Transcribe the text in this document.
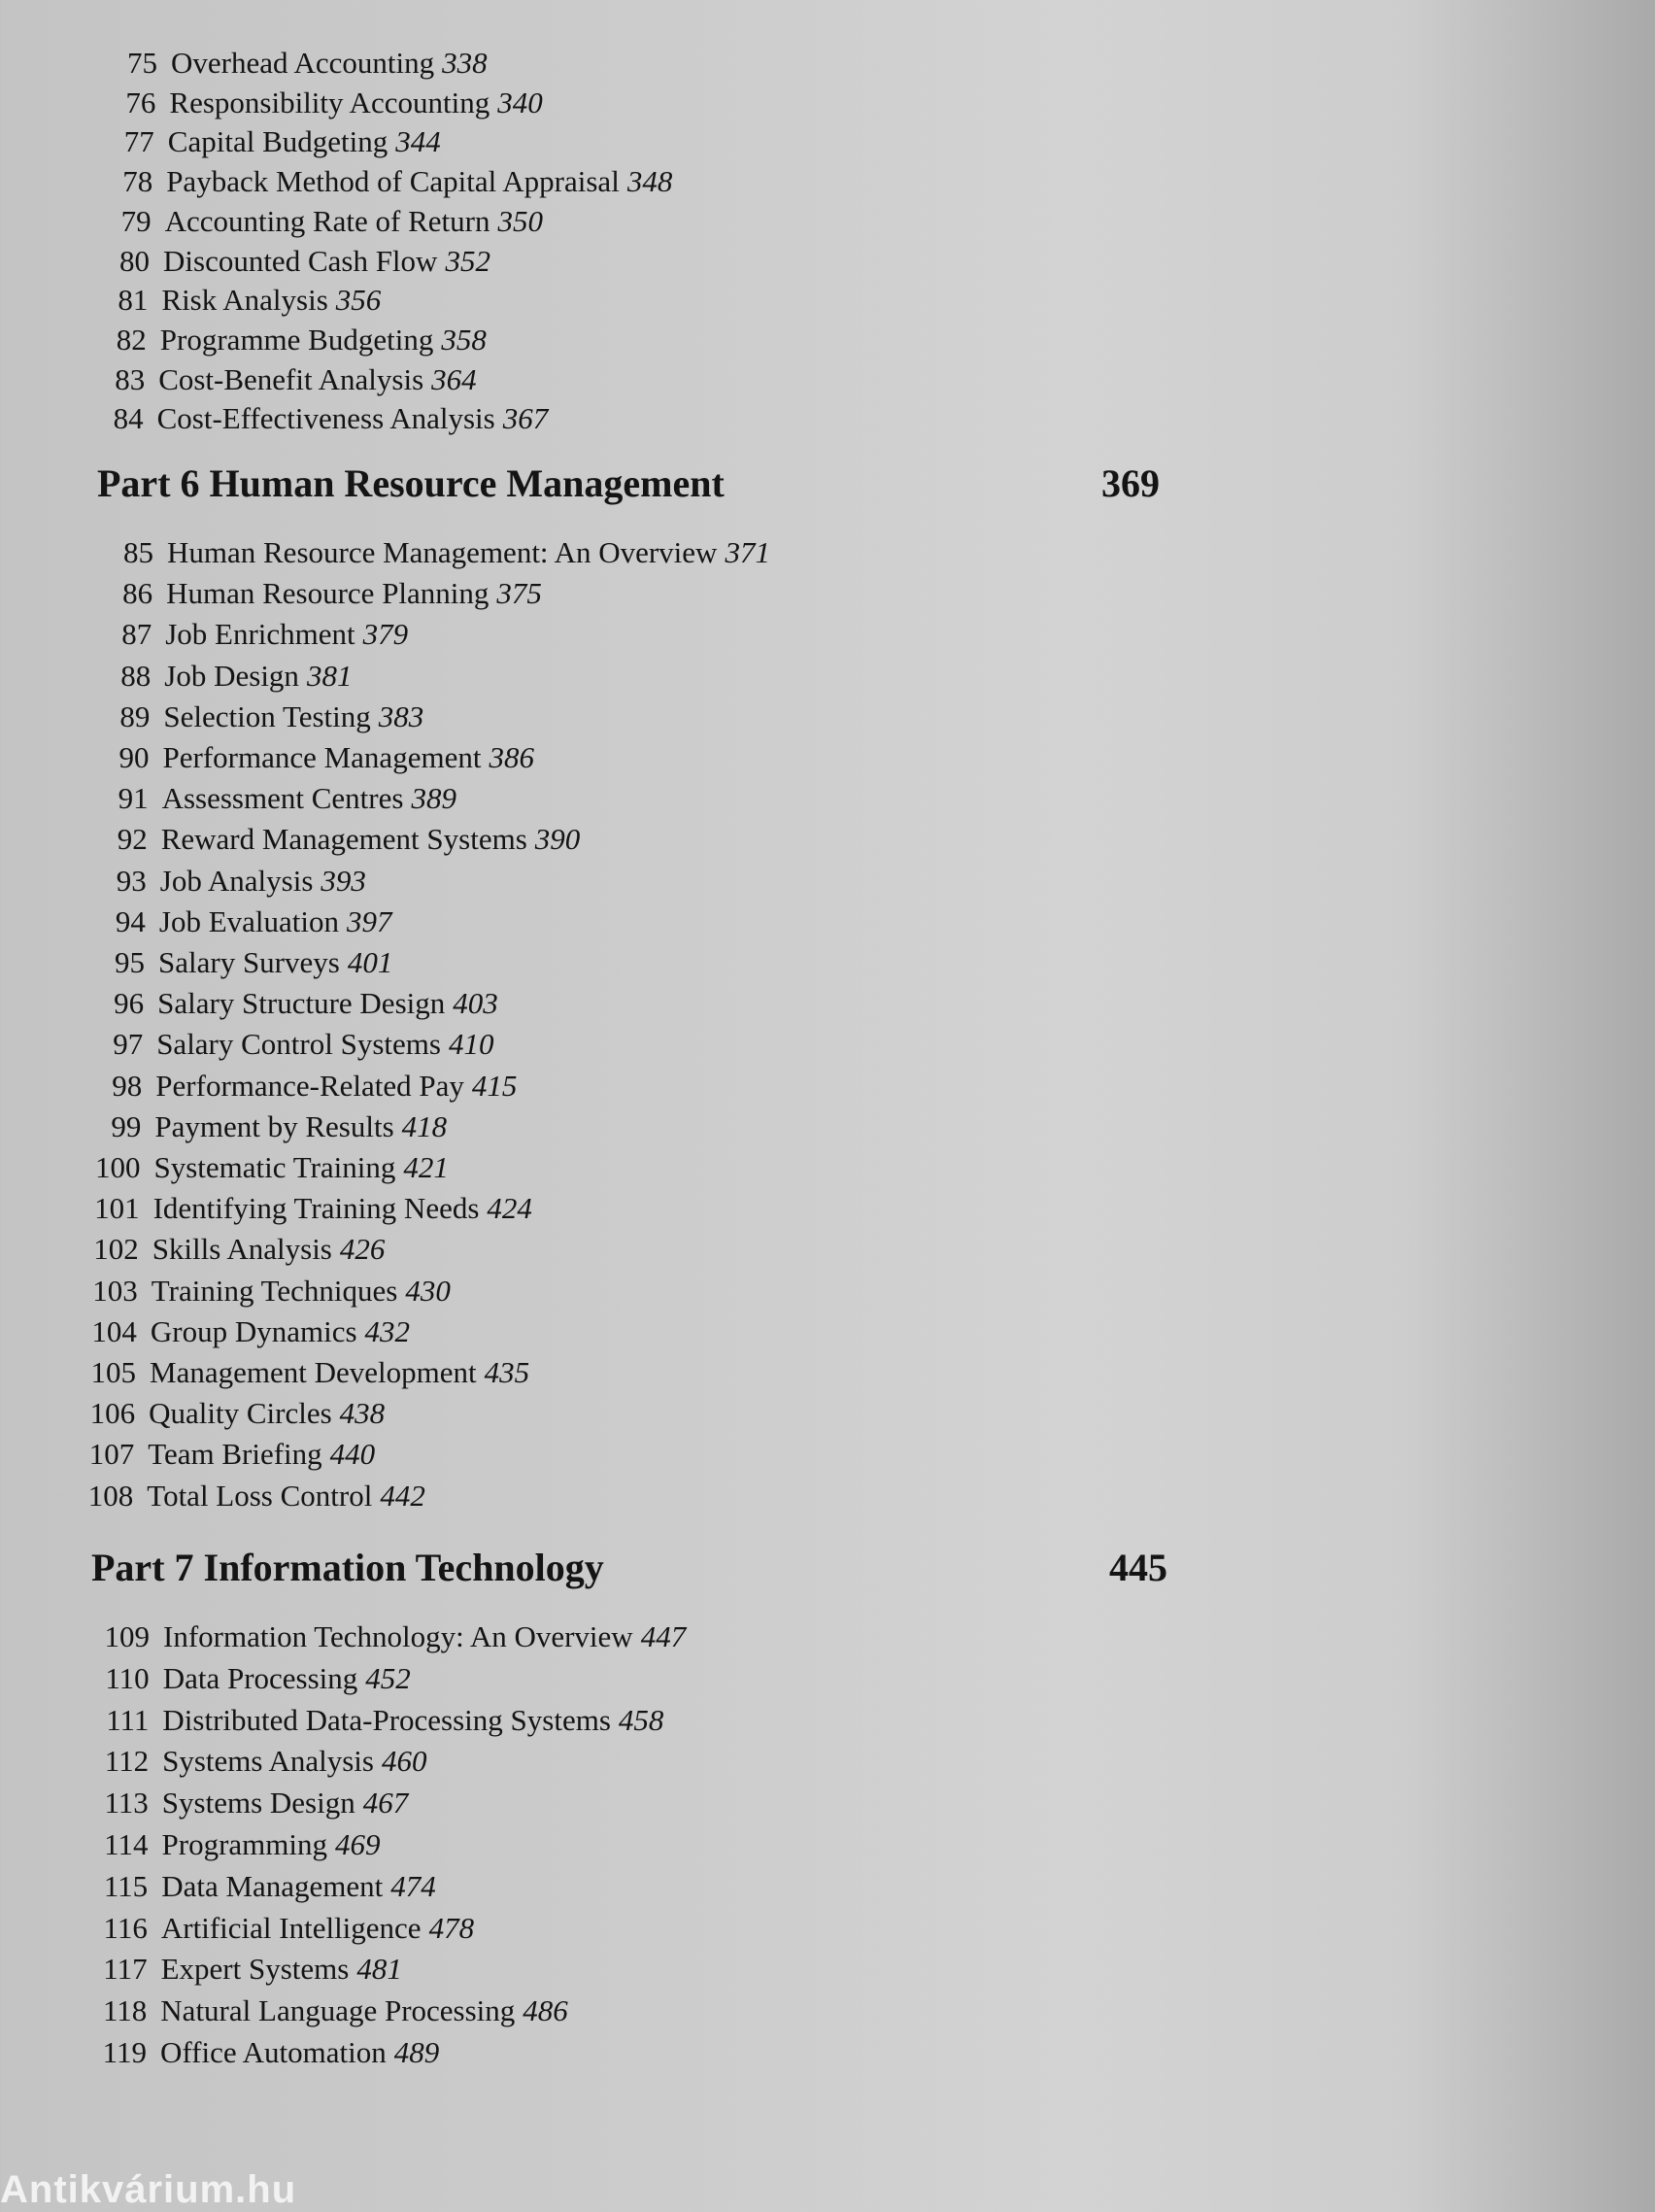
75 Overhead Accounting 338
76 Responsibility Accounting 340
77 Capital Budgeting 344
78 Payback Method of Capital Appraisal 348
79 Accounting Rate of Return 350
80 Discounted Cash Flow 352
81 Risk Analysis 356
82 Programme Budgeting 358
83 Cost-Benefit Analysis 364
84 Cost-Effectiveness Analysis 367
Part 6 Human Resource Management	369
85 Human Resource Management: An Overview 371
86 Human Resource Planning 375
87 Job Enrichment 379
88 Job Design 381
89 Selection Testing 383
90 Performance Management 386
91 Assessment Centres 389
92 Reward Management Systems 390
93 Job Analysis 393
94 Job Evaluation 397
95 Salary Surveys 401
96 Salary Structure Design 403
97 Salary Control Systems 410
98 Performance-Related Pay 415
99 Payment by Results 418
100 Systematic Training 421
101 Identifying Training Needs 424
102 Skills Analysis 426
103 Training Techniques 430
104 Group Dynamics 432
105 Management Development 435
106 Quality Circles 438
107 Team Briefing 440
108 Total Loss Control 442
Part 7 Information Technology	445
109 Information Technology: An Overview 447
110 Data Processing 452
111 Distributed Data-Processing Systems 458
112 Systems Analysis 460
113 Systems Design 467
114 Programming 469
115 Data Management 474
116 Artificial Intelligence 478
117 Expert Systems 481
118 Natural Language Processing 486
119 Office Automation 489
Antikvárium.hu
